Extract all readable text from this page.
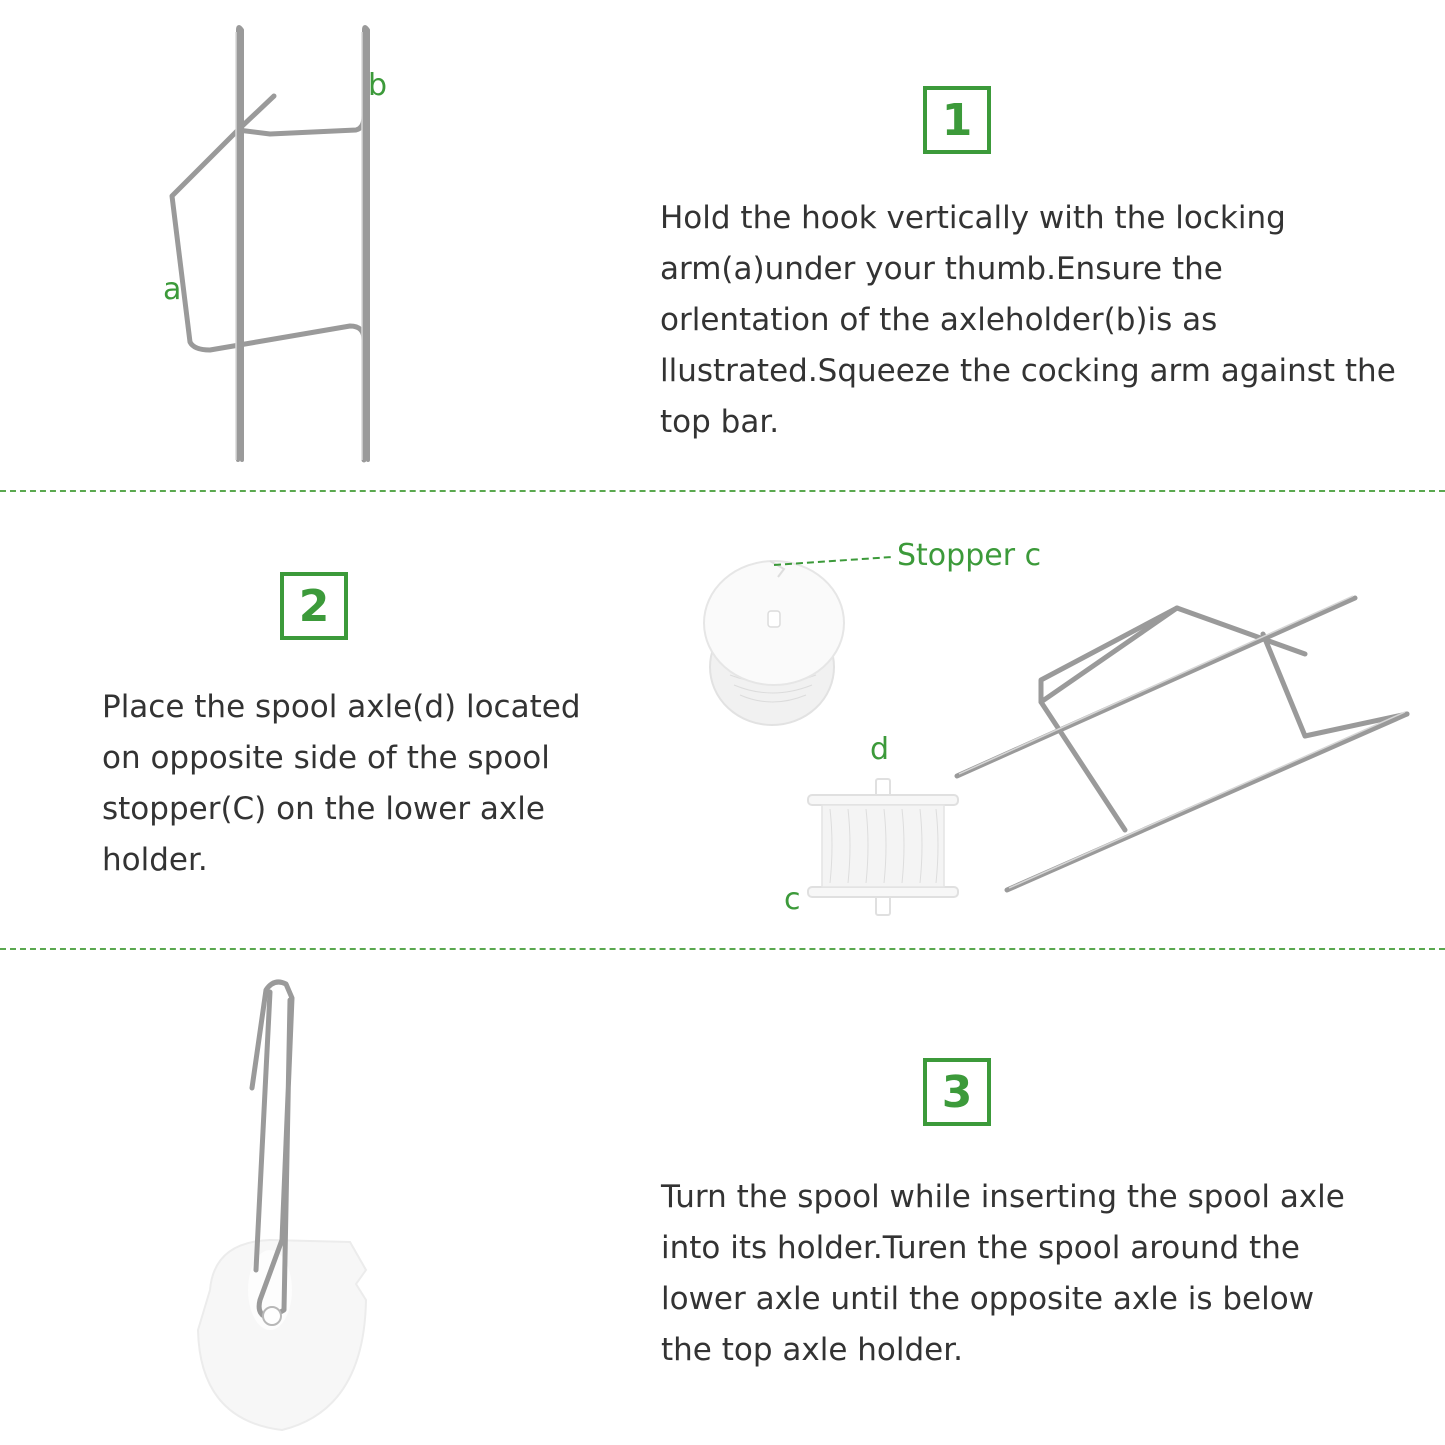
a
b
1
Hold the hook vertically with the locking arm(a)under your thumb.Ensure the orlentation of the axleholder(b)is as llustrated.Squeeze the cocking arm against the top bar.
2
Place the spool axle(d) located on opposite side of the spool stopper(C) on the lower axle holder.
Stopper c
d
c
3
Turn the spool while inserting the spool axle into its holder.Turen the spool around the lower axle until the opposite axle is below the top axle holder.
